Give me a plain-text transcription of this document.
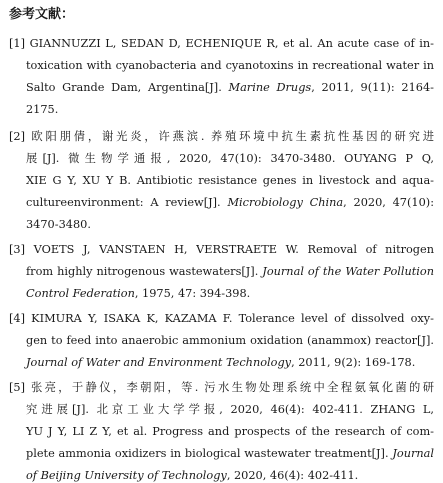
参考文献：
[1] GIANNUZZI L, SEDAN D, ECHENIQUE R, et al. An acute case of in-
toxication with cyanobacteria and cyanotoxins in recreational water in
Salto Grande Dam, Argentina[J]. Marine Drugs, 2011, 9(11): 2164-
2175.
[2] 欧阳朋倩，谢光炎，许燕滨. 养殖环境中抗生素抗性基因的研究进
展[J]. 微生物学通报, 2020, 47(10): 3470-3480. OUYANG P Q,
XIE G Y, XU Y B. Antibiotic resistance genes in livestock and aqua-
cultureenvironment: A review[J]. Microbiology China, 2020, 47(10):
3470-3480.
[3] VOETS J, VANSTAEN H, VERSTRAETE W. Removal of nitrogen
from highly nitrogenous wastewaters[J]. Journal of the Water Pollution
Control Federation, 1975, 47: 394-398.
[4] KIMURA Y, ISAKA K, KAZAMA F. Tolerance level of dissolved oxy-
gen to feed into anaerobic ammonium oxidation (anammox) reactor[J].
Journal of Water and Environment Technology, 2011, 9(2): 169-178.
[5] 张亮，于静仪，李朝阳，等. 污水生物处理系统中全程氨氧化菌的研
究进展[J]. 北京工业大学学报, 2020, 46(4): 402-411. ZHANG L,
YU J Y, LI Z Y, et al. Progress and prospects of the research of com-
plete ammonia oxidizers in biological wastewater treatment[J]. Journal
of Beijing University of Technology, 2020, 46(4): 402-411.
